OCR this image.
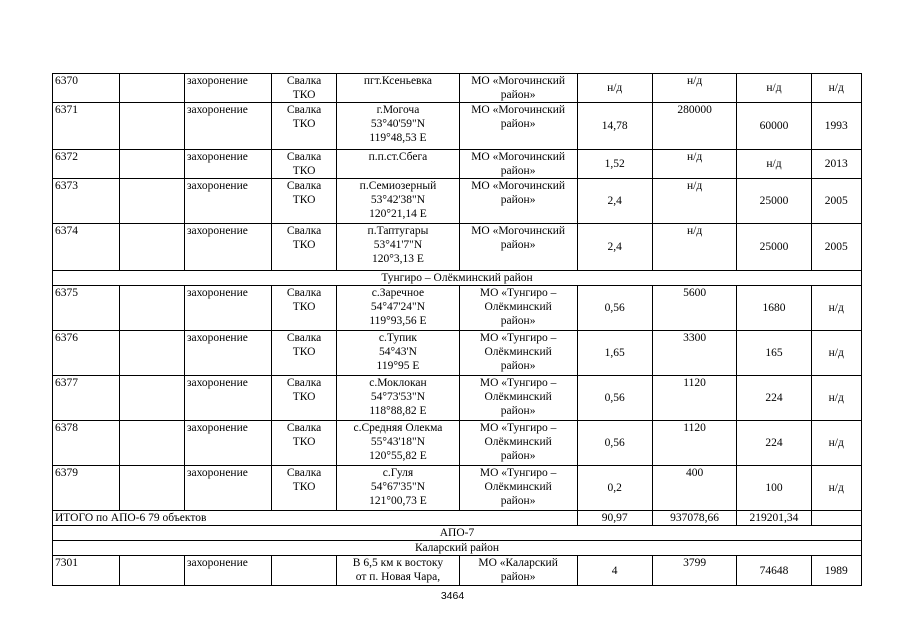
6370		захоронение	Свалка
ТКО	пгт.Ксеньевка	МО «Могочинский
район»	н/д	н/д	н/д	н/д
6371		захоронение	Свалка
ТКО	г.Могоча
53°40'59"N
119°48,53 E	МО «Могочинский
район»	14,78	280000	60000	1993
6372		захоронение	Свалка
ТКО	п.п.ст.Сбега	МО «Могочинский
район»	1,52	н/д	н/д	2013
6373		захоронение	Свалка
ТКО	п.Семиозерный
53°42'38"N
120°21,14 E	МО «Могочинский
район»	2,4	н/д	25000	2005
6374		захоронение	Свалка
ТКО	п.Таптугары
53°41'7"N
120°3,13 E	МО «Могочинский
район»	2,4	н/д	25000	2005
Тунгиро – Олёкминский район									
6375		захоронение	Свалка
ТКО	с.Заречное
54°47'24"N
119°93,56 E	МО «Тунгиро –
Олёкминский
район»	0,56	5600	1680	н/д
6376		захоронение	Свалка
ТКО	с.Тупик
54°43'N
119°95 E	МО «Тунгиро –
Олёкминский
район»	1,65	3300	165	н/д
6377		захоронение	Свалка
ТКО	с.Моклокан
54°73'53"N
118°88,82 E	МО «Тунгиро –
Олёкминский
район»	0,56	1120	224	н/д
6378		захоронение	Свалка
ТКО	с.Средняя Олекма
55°43'18"N
120°55,82 E	МО «Тунгиро –
Олёкминский
район»	0,56	1120	224	н/д
6379		захоронение	Свалка
ТКО	с.Гуля
54°67'35"N
121°00,73 E	МО «Тунгиро –
Олёкминский
район»	0,2	400	100	н/д
ИТОГО по АПО-6 79 объектов						90,97	937078,66	219201,34	
АПО-7									
Каларский район									
7301		захоронение		В 6,5 км к востоку
от п. Новая Чара,	МО «Каларский
район»	4	3799	74648	1989
3464
